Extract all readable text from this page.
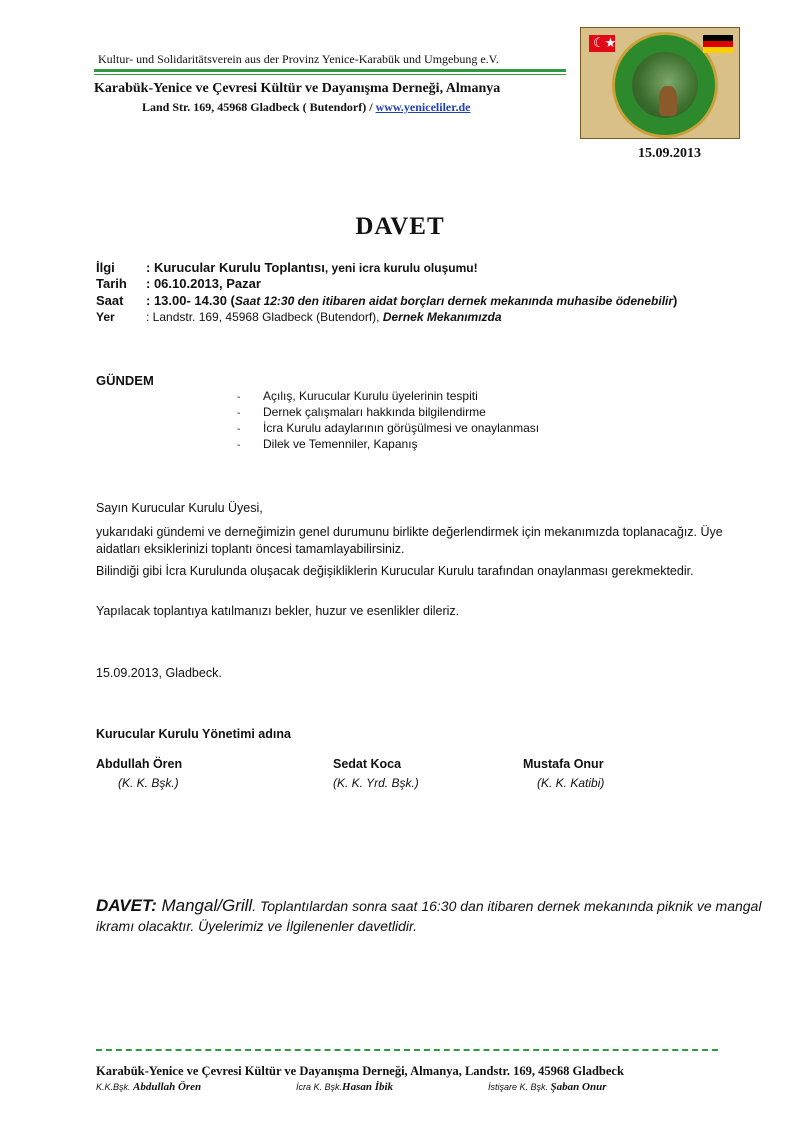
Kultur- und Solidaritätsverein aus der Provinz Yenice-Karabük und Umgebung e.V.
Karabük-Yenice ve Çevresi Kültür ve Dayanışma Derneği, Almanya
Land Str. 169, 45968 Gladbeck ( Butendorf) / www.yeniceliler.de
☾★
15.09.2013
DAVET
İlgi : Kurucular Kurulu Toplantısı, yeni icra kurulu oluşumu!
Tarih : 06.10.2013, Pazar
Saat : 13.00- 14.30 (Saat 12:30 den itibaren aidat borçları dernek mekanında muhasibe ödenebilir)
Yer	: Landstr. 169, 45968 Gladbeck (Butendorf), Dernek Mekanımızda
GÜNDEM
- Açılış, Kurucular Kurulu üyelerinin tespiti
- Dernek çalışmaları hakkında bilgilendirme
- İcra Kurulu adaylarının görüşülmesi ve onaylanması
- Dilek ve Temenniler, Kapanış
Sayın Kurucular Kurulu Üyesi,
yukarıdaki gündemi ve derneğimizin genel durumunu birlikte değerlendirmek için mekanımızda toplanacağız. Üye
aidatları eksiklerinizi toplantı öncesi tamamlayabilirsiniz.
Bilindiği gibi İcra Kurulunda oluşacak değişikliklerin Kurucular Kurulu tarafından onaylanması gerekmektedir.
Yapılacak toplantıya katılmanızı bekler, huzur ve esenlikler dileriz.
15.09.2013, Gladbeck.
Kurucular Kurulu Yönetimi adına
Abdullah Ören
(K. K. Bşk.)
Sedat Koca
(K. K. Yrd. Bşk.)
Mustafa Onur
(K. K. Katibi)
DAVET: Mangal/Grill. Toplantılardan sonra saat 16:30 dan itibaren dernek mekanında piknik ve mangal ikramı olacaktır. Üyelerimiz ve İlgilenenler davetlidir.
Karabük-Yenice ve Çevresi Kültür ve Dayanışma Derneği, Almanya, Landstr. 169, 45968 Gladbeck
K.K.Bşk. Abdullah Ören	İcra K. Bşk.Hasan İbik	İstişare K. Bşk. Şaban Onur
